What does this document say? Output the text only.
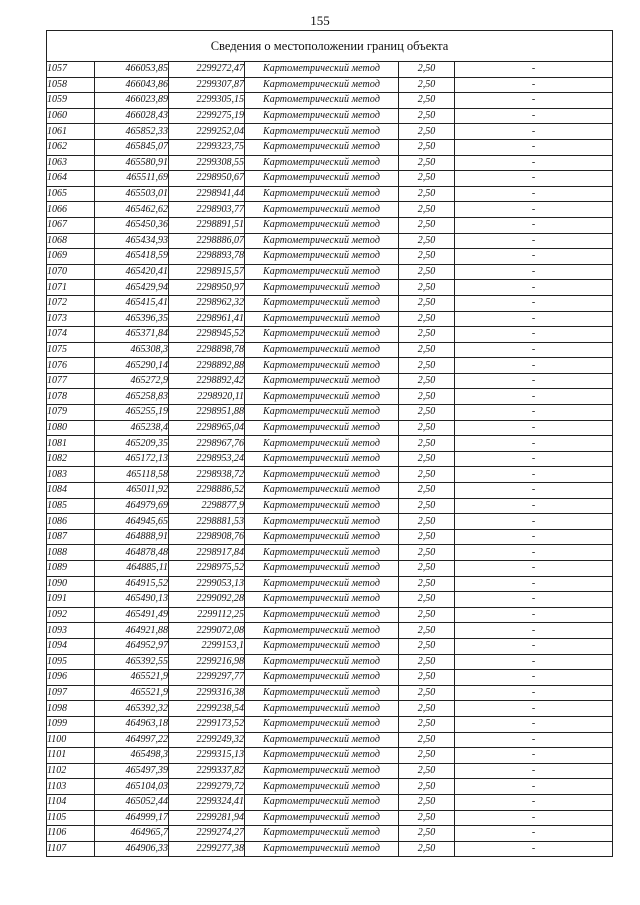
155
Сведения о местоположении границ объекта					
1057	466053,85	2299272,47	Картометрический метод	2,50	-
1058	466043,86	2299307,87	Картометрический метод	2,50	-
1059	466023,89	2299305,15	Картометрический метод	2,50	-
1060	466028,43	2299275,19	Картометрический метод	2,50	-
1061	465852,33	2299252,04	Картометрический метод	2,50	-
1062	465845,07	2299323,75	Картометрический метод	2,50	-
1063	465580,91	2299308,55	Картометрический метод	2,50	-
1064	465511,69	2298950,67	Картометрический метод	2,50	-
1065	465503,01	2298941,44	Картометрический метод	2,50	-
1066	465462,62	2298903,77	Картометрический метод	2,50	-
1067	465450,36	2298891,51	Картометрический метод	2,50	-
1068	465434,93	2298886,07	Картометрический метод	2,50	-
1069	465418,59	2298893,78	Картометрический метод	2,50	-
1070	465420,41	2298915,57	Картометрический метод	2,50	-
1071	465429,94	2298950,97	Картометрический метод	2,50	-
1072	465415,41	2298962,32	Картометрический метод	2,50	-
1073	465396,35	2298961,41	Картометрический метод	2,50	-
1074	465371,84	2298945,52	Картометрический метод	2,50	-
1075	465308,3	2298898,78	Картометрический метод	2,50	-
1076	465290,14	2298892,88	Картометрический метод	2,50	-
1077	465272,9	2298892,42	Картометрический метод	2,50	-
1078	465258,83	2298920,11	Картометрический метод	2,50	-
1079	465255,19	2298951,88	Картометрический метод	2,50	-
1080	465238,4	2298965,04	Картометрический метод	2,50	-
1081	465209,35	2298967,76	Картометрический метод	2,50	-
1082	465172,13	2298953,24	Картометрический метод	2,50	-
1083	465118,58	2298938,72	Картометрический метод	2,50	-
1084	465011,92	2298886,52	Картометрический метод	2,50	-
1085	464979,69	2298877,9	Картометрический метод	2,50	-
1086	464945,65	2298881,53	Картометрический метод	2,50	-
1087	464888,91	2298908,76	Картометрический метод	2,50	-
1088	464878,48	2298917,84	Картометрический метод	2,50	-
1089	464885,11	2298975,52	Картометрический метод	2,50	-
1090	464915,52	2299053,13	Картометрический метод	2,50	-
1091	465490,13	2299092,28	Картометрический метод	2,50	-
1092	465491,49	2299112,25	Картометрический метод	2,50	-
1093	464921,88	2299072,08	Картометрический метод	2,50	-
1094	464952,97	2299153,1	Картометрический метод	2,50	-
1095	465392,55	2299216,98	Картометрический метод	2,50	-
1096	465521,9	2299297,77	Картометрический метод	2,50	-
1097	465521,9	2299316,38	Картометрический метод	2,50	-
1098	465392,32	2299238,54	Картометрический метод	2,50	-
1099	464963,18	2299173,52	Картометрический метод	2,50	-
1100	464997,22	2299249,32	Картометрический метод	2,50	-
1101	465498,3	2299315,13	Картометрический метод	2,50	-
1102	465497,39	2299337,82	Картометрический метод	2,50	-
1103	465104,03	2299279,72	Картометрический метод	2,50	-
1104	465052,44	2299324,41	Картометрический метод	2,50	-
1105	464999,17	2299281,94	Картометрический метод	2,50	-
1106	464965,7	2299274,27	Картометрический метод	2,50	-
1107	464906,33	2299277,38	Картометрический метод	2,50	-
